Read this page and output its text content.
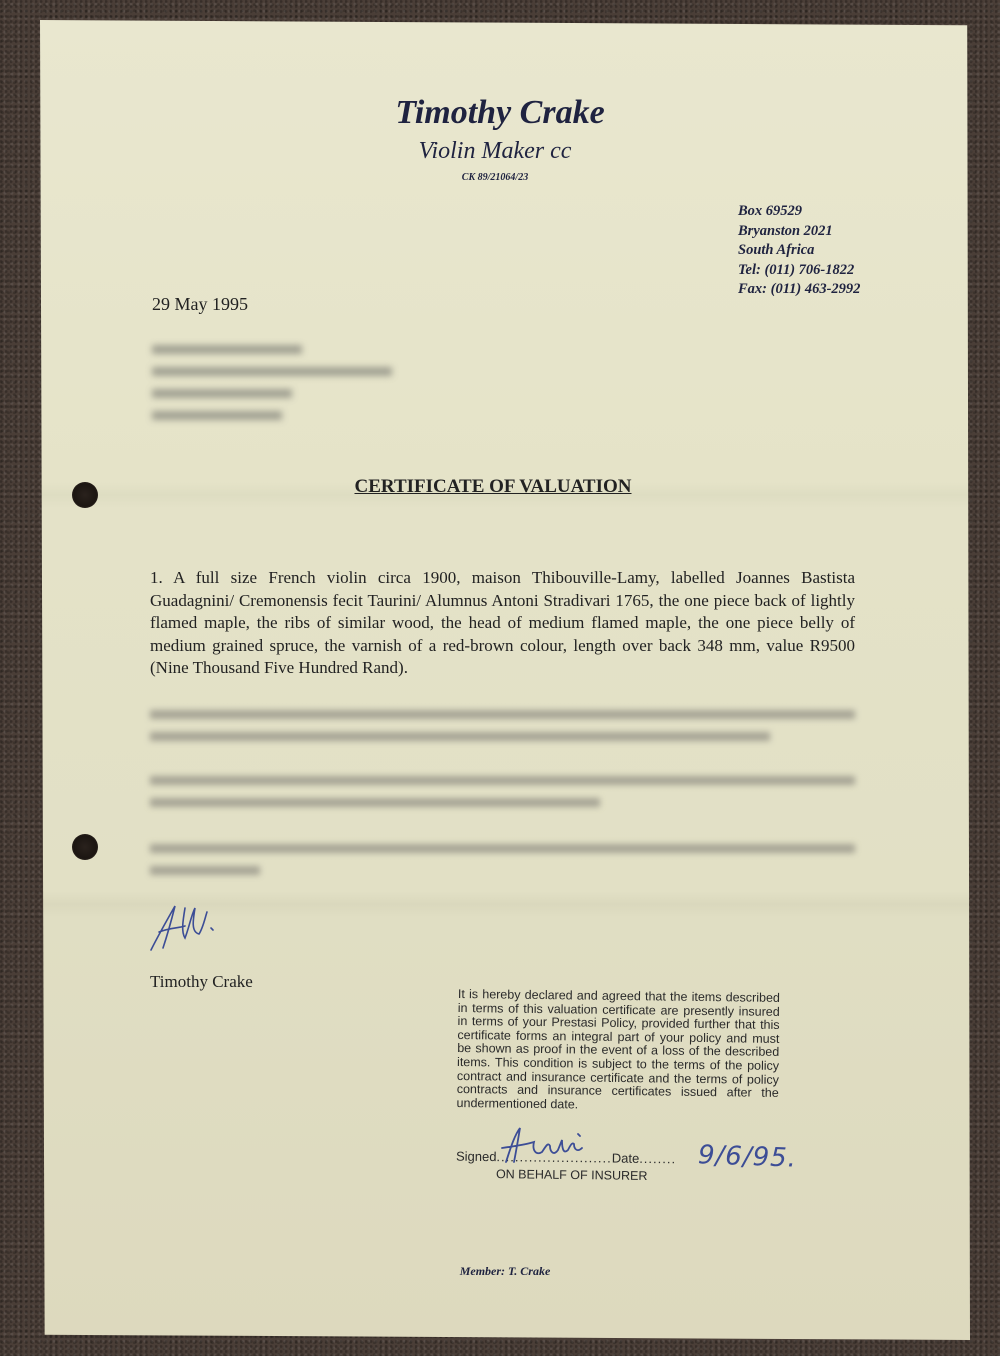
Timothy Crake
Violin Maker cc
CK 89/21064/23
Box 69529
Bryanston 2021
South Africa
Tel: (011) 706-1822
Fax: (011) 463-2992
29 May 1995
CERTIFICATE OF VALUATION
1. A full size French violin circa 1900, maison Thibouville-Lamy, labelled Joannes Bastista Guadagnini/ Cremonensis fecit Taurini/ Alumnus Antoni Stradivari 1765, the one piece back of lightly flamed maple, the ribs of similar wood, the head of medium flamed maple, the one piece belly of medium grained spruce, the varnish of a red-brown colour, length over back 348 mm, value R9500 (Nine Thousand Five Hundred Rand).
Timothy Crake
It is hereby declared and agreed that the items described in terms of this valuation certificate are presently insured in terms of your Prestasi Policy, provided further that this certificate forms an integral part of your policy and must be shown as proof in the event of a loss of the described items. This condition is subject to the terms of the policy contract and insurance certificate and the terms of policy contracts and insurance certificates issued after the undermentioned date.
Signed.........................Date........ 9/6/95.
ON BEHALF OF INSURER
Member: T. Crake
